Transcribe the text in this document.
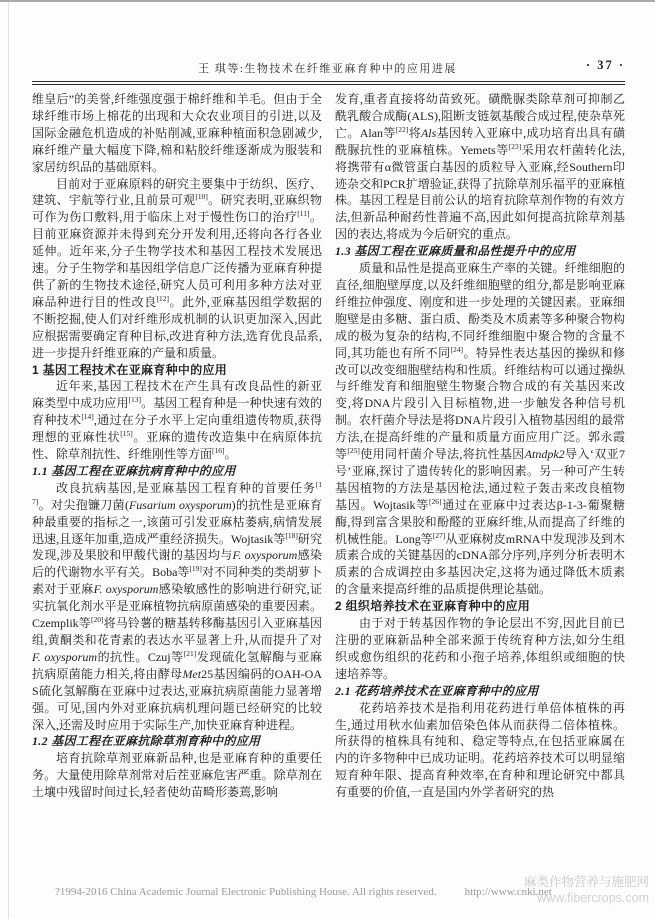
王 琪等:生物技术在纤维亚麻育种中的应用进展	· 37 ·

维皇后”的美誉,纤维强度强于棉纤维和羊毛。但由于全球纤维市场上棉花的出现和大众农业项目的引进,以及国际金融危机造成的补贴削减,亚麻种植面积急剧减少,麻纤维产量大幅度下降,棉和粘胶纤维逐渐成为服装和家居纺织品的基础原料。

目前对于亚麻原料的研究主要集中于纺织、医疗、建筑、宇航等行业,且前景可观[10]。研究表明,亚麻织物可作为伤口敷料,用于临床上对于慢性伤口的治疗[11]。目前亚麻资源并未得到充分开发利用,还将向各行各业延伸。近年来,分子生物学技术和基因工程技术发展迅速。分子生物学和基因组学信息广泛传播为亚麻育种提供了新的生物技术途径,研究人员可利用多种方法对亚麻品种进行目的性改良[12]。此外,亚麻基因组学数据的不断挖掘,使人们对纤维形成机制的认识更加深入,因此应根据需要确定育种目标,改进育种方法,选育优良品系,进一步提升纤维亚麻的产量和质量。

1 基因工程技术在亚麻育种中的应用

近年来,基因工程技术在产生具有改良品性的新亚麻类型中成功应用[13]。基因工程育种是一种快速有效的育种技术[14],通过在分子水平上定向重组遗传物质,获得理想的亚麻性状[15]。亚麻的遗传改造集中在病原体抗性、除草剂抗性、纤维刚性等方面[16]。

1.1 基因工程在亚麻抗病育种中的应用

改良抗病基因,是亚麻基因工程育种的首要任务[17]。对尖孢镰刀菌(Fusarium oxysporum)的抗性是亚麻育种最重要的指标之一,该菌可引发亚麻枯萎病,病情发展迅速,且逐年加重,造成严重经济损失。Wojtasik等[18]研究发现,涉及果胶和甲酸代谢的基因均与F. oxysporum感染后的代谢物水平有关。Boba等[19]对不同种类的类胡萝卜素对于亚麻F. oxysporum感染敏感性的影响进行研究,证实抗氧化剂水平是亚麻植物抗病原菌感染的重要因素。Czemplik等[20]将马铃薯的糖基转移酶基因引入亚麻基因组,黄酮类和花青素的表达水平显著上升,从而提升了对F. oxysporum的抗性。Czuj等[21]发现硫化氢解酶与亚麻抗病原菌能力相关,将由酵母Met25基因编码的OAH-OAS硫化氢解酶在亚麻中过表达,亚麻抗病原菌能力显著增强。可见,国内外对亚麻抗病机理问题已经研究的比较深入,还需及时应用于实际生产,加快亚麻育种进程。

1.2 基因工程在亚麻抗除草剂育种中的应用

培育抗除草剂亚麻新品种,也是亚麻育种的重要任务。大量使用除草剂常对后茬亚麻危害严重。除草剂在土壤中残留时间过长,轻者使幼苗畸形萎蔫,影响

发育,重者直接将幼苗致死。磺酰脲类除草剂可抑制乙酰乳酸合成酶(ALS),阻断支链氨基酸合成过程,使杂草死亡。Alan等[22]将Als基因转入亚麻中,成功培育出具有磺酰脲抗性的亚麻植株。Yemets等[23]采用农杆菌转化法,将携带有α微管蛋白基因的质粒导入亚麻,经Southern印迹杂交和PCR扩增验证,获得了抗除草剂乐福平的亚麻植株。基因工程是目前公认的培育抗除草剂作物的有效方法,但新品种耐药性普遍不高,因此如何提高抗除草剂基因的表达,将成为今后研究的重点。

1.3 基因工程在亚麻质量和品性提升中的应用

质量和品性是提高亚麻生产率的关键。纤维细胞的直径,细胞壁厚度,以及纤维细胞壁的组分,都是影响亚麻纤维拉伸强度、刚度和进一步处理的关键因素。亚麻细胞壁是由多糖、蛋白质、酚类及木质素等多种聚合物构成的极为复杂的结构,不同纤维细胞中聚合物的含量不同,其功能也有所不同[24]。特异性表达基因的操纵和修改可以改变细胞壁结构和性质。纤维结构可以通过操纵与纤维发育和细胞壁生物聚合物合成的有关基因来改变,将DNA片段引入目标植物,进一步触发各种信号机制。农杆菌介导法是将DNA片段引入植物基因组的最常方法,在提高纤维的产量和质量方面应用广泛。郭永霞等[25]使用同杆菌介导法,将抗性基因Atndpk2导入‘双亚7号’亚麻,探讨了遗传转化的影响因素。另一种可产生转基因植物的方法是基因枪法,通过粒子轰击来改良植物基因。Wojtasik等[26]通过在亚麻中过表达β-1-3-葡聚糖酶,得到富含果胶和酚醛的亚麻纤维,从而提高了纤维的机械性能。Long等[27]从亚麻树皮mRNA中发现涉及到木质素合成的关键基因的cDNA部分序列,序列分析表明木质素的合成调控由多基因决定,这将为通过降低木质素的含量来提高纤维的品质提供理论基础。

2 组织培养技术在亚麻育种中的应用

由于对于转基因作物的争论层出不穷,因此目前已注册的亚麻新品种全部来源于传统育种方法,如分生组织或愈伤组织的花药和小孢子培养,体组织或细胞的快速培养等。

2.1 花药培养技术在亚麻育种中的应用

花药培养技术是指利用花药进行单倍体植株的再生,通过用秋水仙素加倍染色体从而获得二倍体植株。所获得的植株具有纯和、稳定等特点,在包括亚麻属在内的许多物种中已成功证明。花药培养技术可以明显缩短育种年限、提高育种效率,在育种和理论研究中都具有重要的价值,一直是国内外学者研究的热

?1994-2016 China Academic Journal Electronic Publishing House. All rights reserved.	http://www.cnki.net
麻类作物营养与施肥网
www.fibercrops.com
